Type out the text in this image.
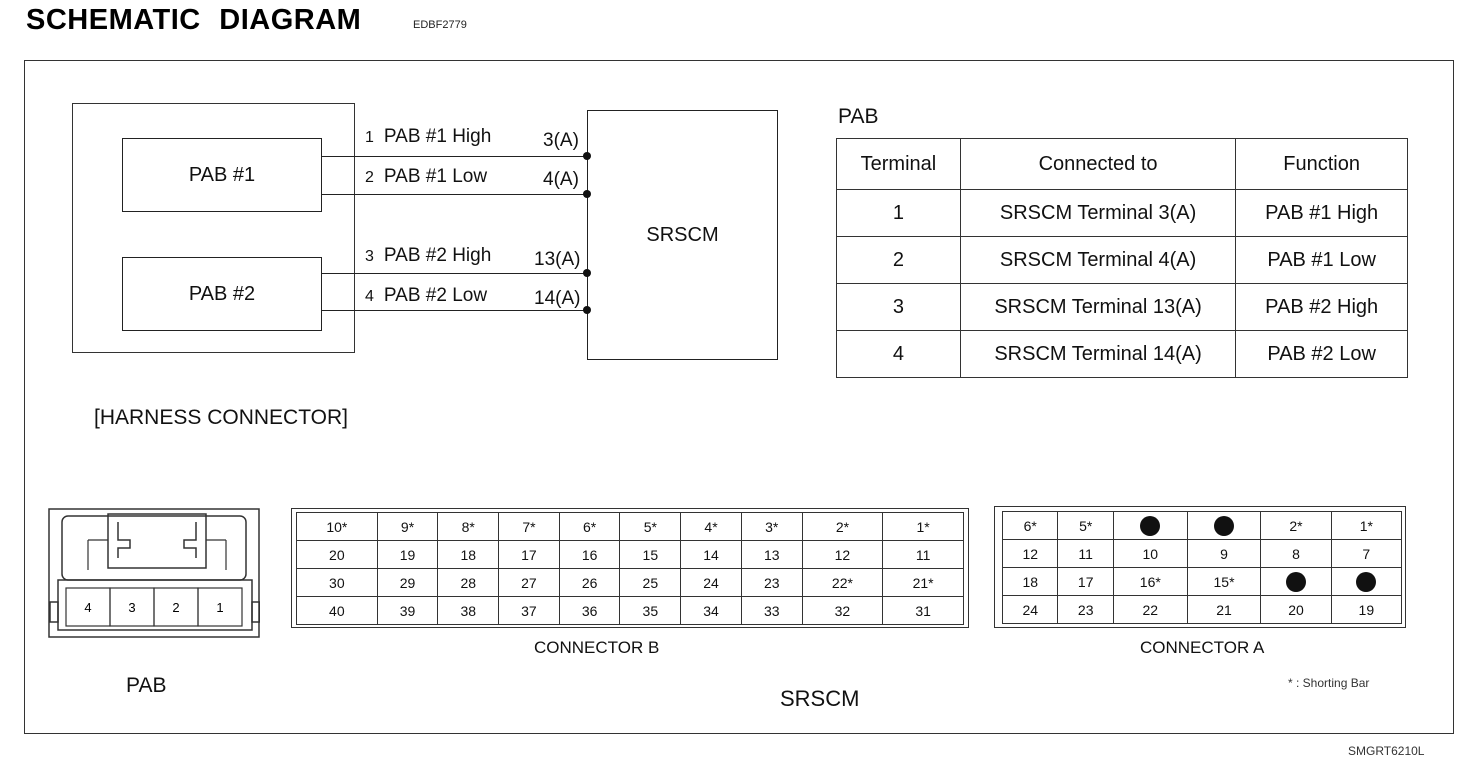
SCHEMATIC DIAGRAM	EDBF2779
PAB #1
PAB #2
SRSCM
1 PAB #1 High	3(A)
2 PAB #1 Low	4(A)
3 PAB #2 High 13(A)
4 PAB #2 Low 14(A)
PAB
Terminal	Connected to	Function
1	SRSCM Terminal 3(A)	PAB #1 High
2	SRSCM Terminal 4(A)	PAB #1 Low
3	SRSCM Terminal 13(A)	PAB #2 High
4	SRSCM Terminal 14(A)	PAB #2 Low
[HARNESS CONNECTOR]
4	3	2	1
PAB
10*	9*	8*	7*	6*	5*	4*	3*	2*	1*
20	19	18	17	16	15	14	13	12	11
30	29	28	27	26	25	24	23	22*	21*
40	39	38	37	36	35	34	33	32	31
CONNECTOR B
6*	5*			2*	1*
12	11	10	9	8	7
18	17	16*	15*		
24	23	22	21	20	19
CONNECTOR A
SRSCM
* : Shorting Bar
SMGRT6210L
